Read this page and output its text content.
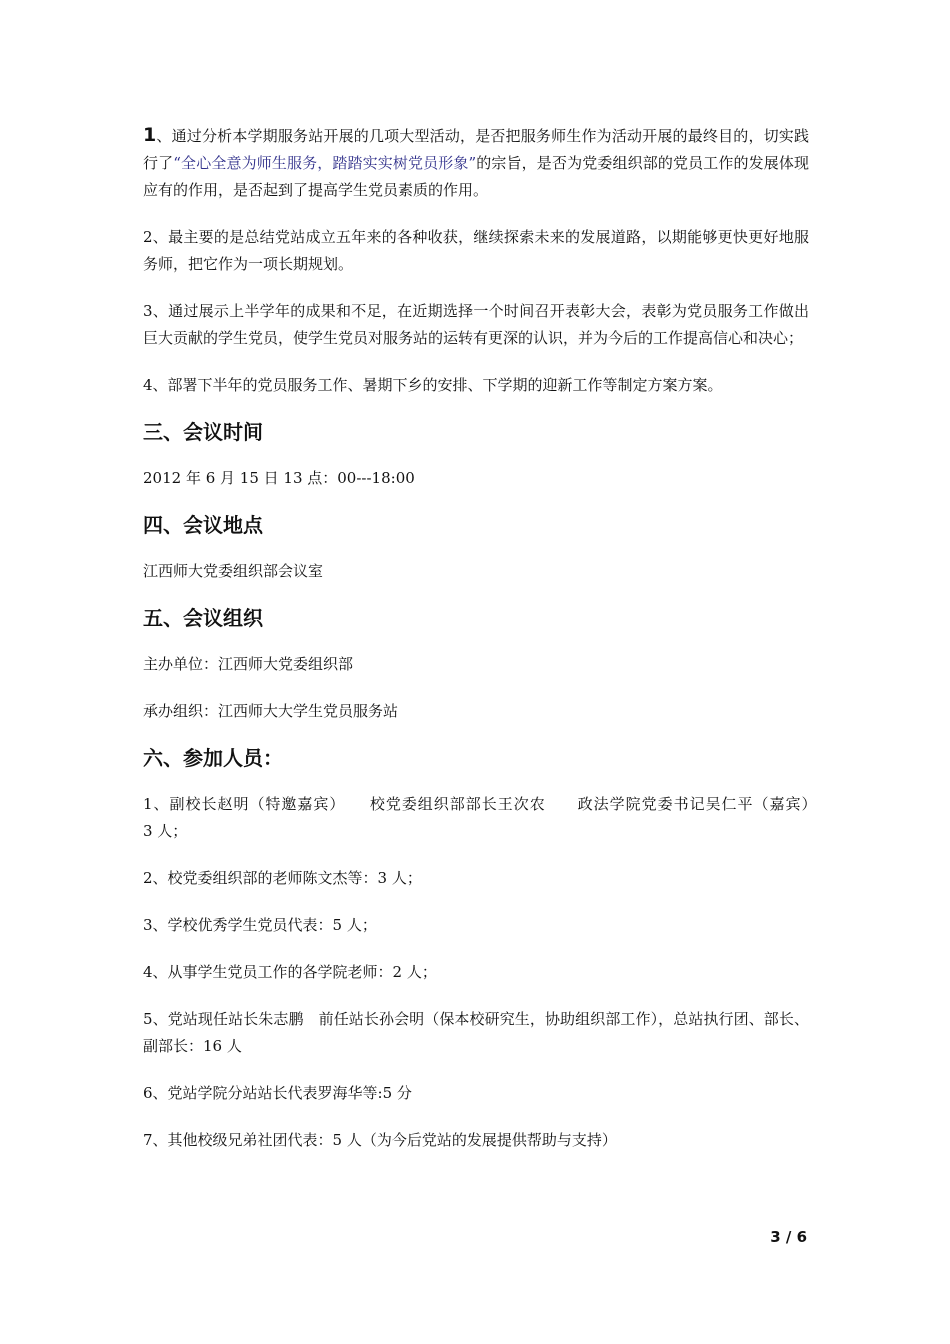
1、通过分析本学期服务站开展的几项大型活动，是否把服务师生作为活动开展的最终目的，切实践行了“全心全意为师生服务，踏踏实实树党员形象”的宗旨，是否为党委组织部的党员工作的发展体现应有的作用，是否起到了提高学生党员素质的作用。

2、最主要的是总结党站成立五年来的各种收获，继续探索未来的发展道路，以期能够更快更好地服务师，把它作为一项长期规划。

3、通过展示上半学年的成果和不足，在近期选择一个时间召开表彰大会，表彰为党员服务工作做出巨大贡献的学生党员，使学生党员对服务站的运转有更深的认识，并为今后的工作提高信心和决心；

4、部署下半年的党员服务工作、暑期下乡的安排、下学期的迎新工作等制定方案方案。

三、会议时间

2012 年 6 月 15 日 13 点：00---18:00

四、会议地点

江西师大党委组织部会议室

五、会议组织

主办单位：江西师大党委组织部

承办组织：江西师大大学生党员服务站

六、参加人员：

1、副校长赵明（特邀嘉宾）　　校党委组织部部长王次农　　政法学院党委书记吴仁平（嘉宾）　　　3 人；

2、校党委组织部的老师陈文杰等：3 人；

3、学校优秀学生党员代表：5 人；

4、从事学生党员工作的各学院老师：2 人；

5、党站现任站长朱志鹏　前任站长孙会明（保本校研究生，协助组织部工作），总站执行团、部长、副部长：16 人

6、党站学院分站站长代表罗海华等:5 分

7、其他校级兄弟社团代表：5 人（为今后党站的发展提供帮助与支持）

3 / 6
